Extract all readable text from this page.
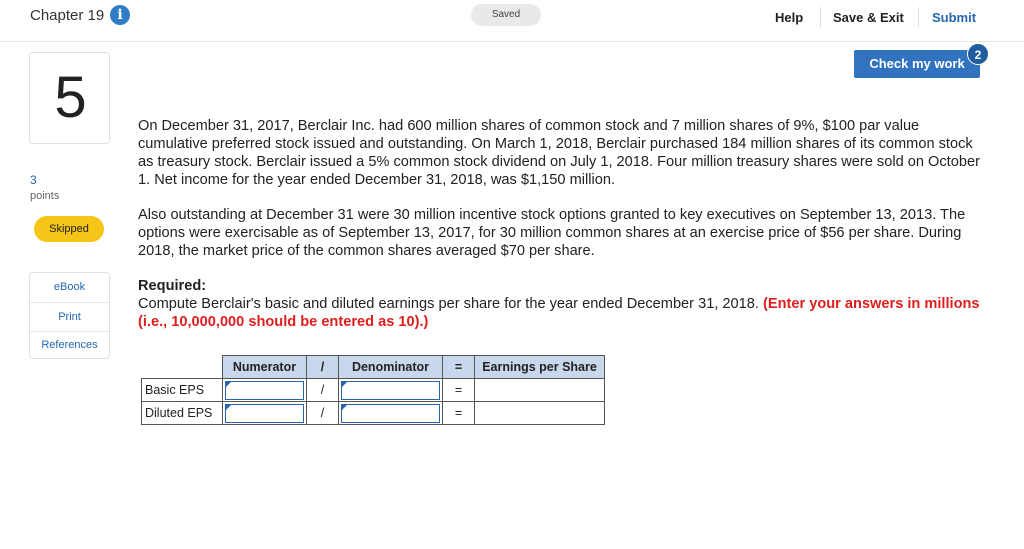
Chapter 19 i	Saved	Help Save & Exit Submit
Check my work
2
5
3
points
Skipped
eBook
Print
References
On December 31, 2017, Berclair Inc. had 600 million shares of common stock and 7 million shares of 9%, $100 par value cumulative preferred stock issued and outstanding. On March 1, 2018, Berclair purchased 184 million shares of its common stock as treasury stock. Berclair issued a 5% common stock dividend on July 1, 2018. Four million treasury shares were sold on October 1. Net income for the year ended December 31, 2018, was $1,150 million.
Also outstanding at December 31 were 30 million incentive stock options granted to key executives on September 13, 2013. The options were exercisable as of September 13, 2017, for 30 million common shares at an exercise price of $56 per share. During 2018, the market price of the common shares averaged $70 per share.
Required:
Compute Berclair's basic and diluted earnings per share for the year ended December 31, 2018. (Enter your answers in millions (i.e., 10,000,000 should be entered as 10).)
	Numerator	/	Denominator	=	Earnings per Share
Basic EPS		/		=	
Diluted EPS		/		=	
